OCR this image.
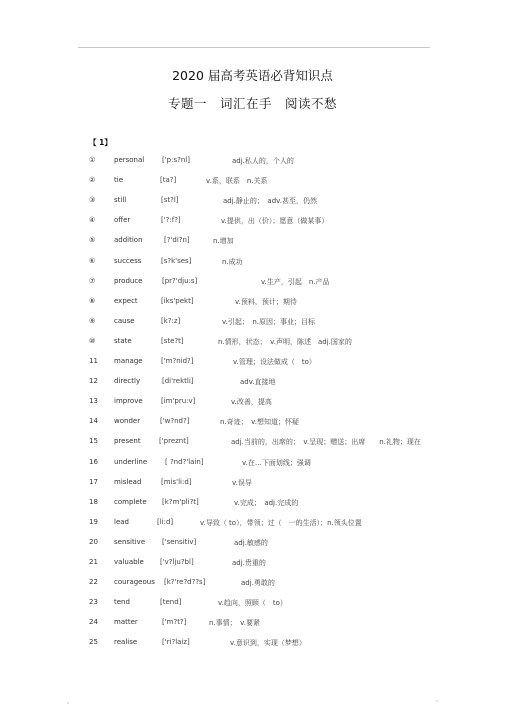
2020 届高考英语必背知识点
专题一　词汇在手　阅读不愁
【 1】
①	personal	['p:s?nl]	adj.私人的，个人的
②	tie	[ta?]	v.系，联系　n.关系
③	still	[st?l]	adj.静止的；　adv.甚至，仍然
④	offer	['?:f?]	v.提供，出（价）；愿意（做某事）
⑤	addition	[?'di?n]	n.增加
⑥	success	[s?k'ses]	n.成功
⑦	produce	[pr?'dju:s]	v.生产，引起　n.产品
⑧	expect	[iks'pekt]	v.预料，预计；期待
⑨	cause	[k?:z]	v.引起；　n.原因；事业；目标
⑩	state	[ste?t]	n.情形，状态；　v.声明，陈述　adj.国家的
11 manage	['m?nid?]	v.管理；设法做成（　to）
12 directly	[di'rektli]	adv.直接地
13 improve	[im'pru:v]	v.改善，提高
14 wonder	['w?nd?]	n.奇迹；　v.想知道；怀疑
15 present	['preznt]	adj.当前的，出席的；　v.呈现；赠送；出席　　n.礼物；现在
16 underline	[ ?nd?'lain]	v.在…下面划线；强调
17 mislead	[mis'li:d]	v.误导
18 complete [k?m'pli?t]	v.完成；　adj.完成的
19 lead	[li:d]	v.导致（ to），带领；过（　一的生活）；n.领头位置
20 sensitive ['sensitiv]	adj.敏感的
21 valuable ['v?lju?bl]	adj.贵重的
22 courageous [k?'re?d??s]	adj.勇敢的
23 tend	[tend]	v.趋向，照顾（　to）
24 matter	['m?t?]	n.事情；　v.要紧
25 realise	['ri?laiz]	v.意识到，实现（梦想）
